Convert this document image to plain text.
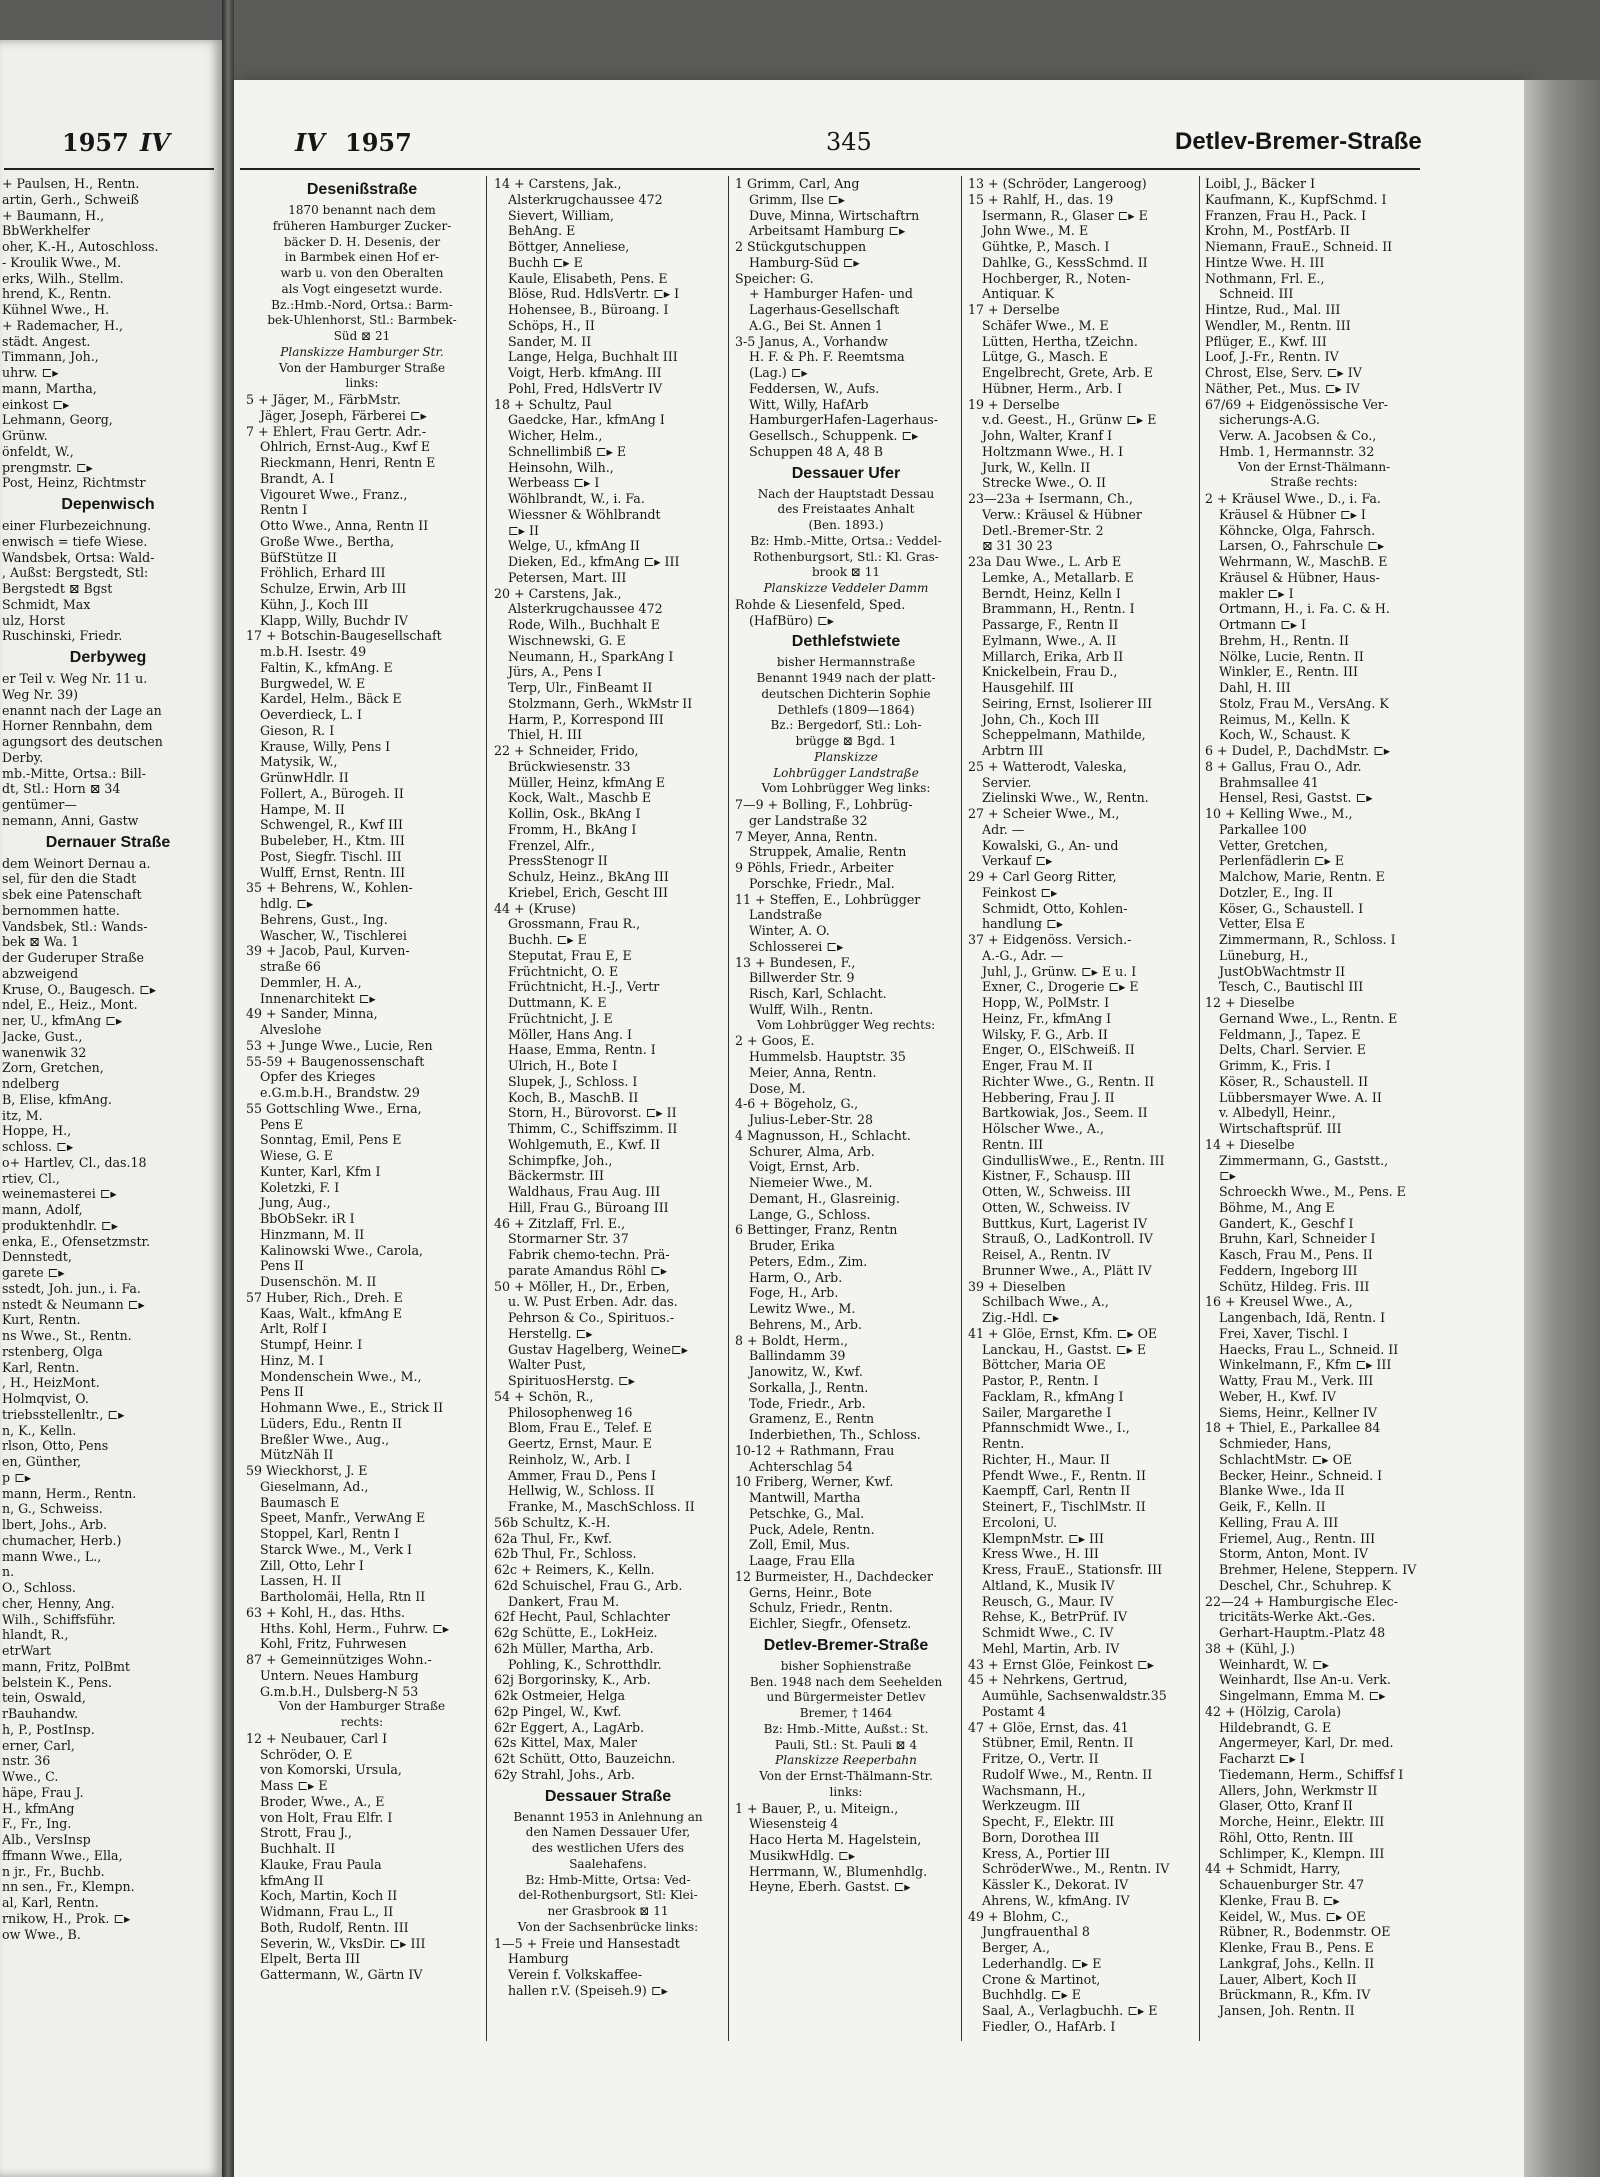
1957 IV	IV 1957	345	Detlev-Bremer-Straße
+ Paulsen, H., Rentn.
artin, Gerh., Schweiß
+ Baumann, H.,
BbWerkhelfer
oher, K.-H., Autoschloss.
- Kroulik Wwe., M.
erks, Wilh., Stellm.
hrend, K., Rentn.
Kühnel Wwe., H.
+ Rademacher, H.,
städt. Angest.
Timmann, Joh.,
uhrw. ⊏▸
mann, Martha,
einkost ⊏▸
Lehmann, Georg,
Grünw.
önfeldt, W.,
prengmstr. ⊏▸
Post, Heinz, Richtmstr
Depenwisch
einer Flurbezeichnung.
enwisch = tiefe Wiese.
Wandsbek, Ortsa: Wald-
, Außst: Bergstedt, Stl:
Bergstedt ⊠ Bgst
Schmidt, Max
ulz, Horst
Ruschinski, Friedr.
Derbyweg
er Teil v. Weg Nr. 11 u.
Weg Nr. 39)
enannt nach der Lage an
Horner Rennbahn, dem
agungsort des deutschen
Derby.
mb.-Mitte, Ortsa.: Bill-
dt, Stl.: Horn ⊠ 34
gentümer—
nemann, Anni, Gastw
Dernauer Straße
dem Weinort Dernau a.
sel, für den die Stadt
sbek eine Patenschaft
bernommen hatte.
Vandsbek, Stl.: Wands-
bek ⊠ Wa. 1
der Guderuper Straße
abzweigend
Kruse, O., Baugesch. ⊏▸
ndel, E., Heiz., Mont.
ner, U., kfmAng ⊏▸
Jacke, Gust.,
wanenwik 32
Zorn, Gretchen,
ndelberg
B, Elise, kfmAng.
itz, M.
Hoppe, H.,
schloss. ⊏▸
o+ Hartlev, Cl., das.18
rtiev, Cl.,
weinemasterei ⊏▸
mann, Adolf,
produktenhdlr. ⊏▸
enka, E., Ofensetzmstr.
Dennstedt,
garete ⊏▸
sstedt, Joh. jun., i. Fa.
nstedt & Neumann ⊏▸
Kurt, Rentn.
ns Wwe., St., Rentn.
rstenberg, Olga
Karl, Rentn.
, H., HeizMont.
Holmqvist, O.
triebsstellenltr., ⊏▸
n, K., Kelln.
rlson, Otto, Pens
en, Günther,
p ⊏▸
mann, Herm., Rentn.
n, G., Schweiss.
lbert, Johs., Arb.
chumacher, Herb.)
mann Wwe., L.,
n.
O., Schloss.
cher, Henny, Ang.
Wilh., Schiffsführ.
hlandt, R.,
etrWart
mann, Fritz, PolBmt
belstein K., Pens.
tein, Oswald,
rBauhandw.
h, P., PostInsp.
erner, Carl,
nstr. 36
Wwe., C.
häpe, Frau J.
H., kfmAng
F., Fr., Ing.
Alb., VersInsp
ffmann Wwe., Ella,
n jr., Fr., Buchb.
nn sen., Fr., Klempn.
al, Karl, Rentn.
rnikow, H., Prok. ⊏▸
ow Wwe., B.
Desenißstraße
1870 benannt nach dem
früheren Hamburger Zucker-
bäcker D. H. Desenis, der
in Barmbek einen Hof er-
warb u. von den Oberalten
als Vogt eingesetzt wurde.
Bz.:Hmb.-Nord, Ortsa.: Barm-
bek-Uhlenhorst, Stl.: Barmbek-
Süd ⊠ 21
Planskizze Hamburger Str.
Von der Hamburger Straße
links:
5 + Jäger, M., FärbMstr.
Jäger, Joseph, Färberei ⊏▸
7 + Ehlert, Frau Gertr. Adr.-
Ohlrich, Ernst-Aug., Kwf E
Rieckmann, Henri, Rentn E
Brandt, A. I
Vigouret Wwe., Franz.,
Rentn I
Otto Wwe., Anna, Rentn II
Große Wwe., Bertha,
BüfStütze II
Fröhlich, Erhard III
Schulze, Erwin, Arb III
Kühn, J., Koch III
Klapp, Willy, Buchdr IV
17 + Botschin-Baugesellschaft
m.b.H. Isestr. 49
Faltin, K., kfmAng. E
Burgwedel, W. E
Kardel, Helm., Bäck E
Oeverdieck, L. I
Gieson, R. I
Krause, Willy, Pens I
Matysik, W.,
GrünwHdlr. II
Follert, A., Bürogeh. II
Hampe, M. II
Schwengel, R., Kwf III
Bubeleber, H., Ktm. III
Post, Siegfr. Tischl. III
Wulff, Ernst, Rentn. III
35 + Behrens, W., Kohlen-
hdlg. ⊏▸
Behrens, Gust., Ing.
Wascher, W., Tischlerei
39 + Jacob, Paul, Kurven-
straße 66
Demmler, H. A.,
Innenarchitekt ⊏▸
49 + Sander, Minna,
Alveslohe
53 + Junge Wwe., Lucie, Ren
55-59 + Baugenossenschaft
Opfer des Krieges
e.G.m.b.H., Brandstw. 29
55 Gottschling Wwe., Erna,
Pens E
Sonntag, Emil, Pens E
Wiese, G. E
Kunter, Karl, Kfm I
Koletzki, F. I
Jung, Aug.,
BbObSekr. iR I
Hinzmann, M. II
Kalinowski Wwe., Carola,
Pens II
Dusenschön. M. II
57 Huber, Rich., Dreh. E
Kaas, Walt., kfmAng E
Arlt, Rolf I
Stumpf, Heinr. I
Hinz, M. I
Mondenschein Wwe., M.,
Pens II
Hohmann Wwe., E., Strick II
Lüders, Edu., Rentn II
Breßler Wwe., Aug.,
MützNäh II
59 Wieckhorst, J. E
Gieselmann, Ad.,
Baumasch E
Speet, Manfr., VerwAng E
Stoppel, Karl, Rentn I
Starck Wwe., M., Verk I
Zill, Otto, Lehr I
Lassen, H. II
Bartholomäi, Hella, Rtn II
63 + Kohl, H., das. Hths.
Hths. Kohl, Herm., Fuhrw. ⊏▸
Kohl, Fritz, Fuhrwesen
87 + Gemeinnütziges Wohn.-
Untern. Neues Hamburg
G.m.b.H., Dulsberg-N 53
Von der Hamburger Straße
rechts:
12 + Neubauer, Carl I
Schröder, O. E
von Komorski, Ursula,
Mass ⊏▸ E
Broder, Wwe., A., E
von Holt, Frau Elfr. I
Strott, Frau J.,
Buchhalt. II
Klauke, Frau Paula
kfmAng II
Koch, Martin, Koch II
Widmann, Frau L., II
Both, Rudolf, Rentn. III
Severin, W., VksDir. ⊏▸ III
Elpelt, Berta III
Gattermann, W., Gärtn IV
14 + Carstens, Jak.,
Alsterkrugchaussee 472
Sievert, William,
BehAng. E
Böttger, Anneliese,
Buchh ⊏▸ E
Kaule, Elisabeth, Pens. E
Blöse, Rud. HdlsVertr. ⊏▸ I
Hohensee, B., Büroang. I
Schöps, H., II
Sander, M. II
Lange, Helga, Buchhalt III
Voigt, Herb. kfmAng. III
Pohl, Fred, HdlsVertr IV
18 + Schultz, Paul
Gaedcke, Har., kfmAng I
Wicher, Helm.,
Schnellimbiß ⊏▸ E
Heinsohn, Wilh.,
Werbeass ⊏▸ I
Wöhlbrandt, W., i. Fa.
Wiessner & Wöhlbrandt
⊏▸ II
Welge, U., kfmAng II
Dieken, Ed., kfmAng ⊏▸ III
Petersen, Mart. III
20 + Carstens, Jak.,
Alsterkrugchaussee 472
Rode, Wilh., Buchhalt E
Wischnewski, G. E
Neumann, H., SparkAng I
Jürs, A., Pens I
Terp, Ulr., FinBeamt II
Stolzmann, Gerh., WkMstr II
Harm, P., Korrespond III
Thiel, H. III
22 + Schneider, Frido,
Brückwiesenstr. 33
Müller, Heinz, kfmAng E
Kock, Walt., Maschb E
Kollin, Osk., BkAng I
Fromm, H., BkAng I
Frenzel, Alfr.,
PressStenogr II
Schulz, Heinz., BkAng III
Kriebel, Erich, Gescht III
44 + (Kruse)
Grossmann, Frau R.,
Buchh. ⊏▸ E
Steputat, Frau E, E
Früchtnicht, O. E
Früchtnicht, H.-J., Vertr
Duttmann, K. E
Früchtnicht, J. E
Möller, Hans Ang. I
Haase, Emma, Rentn. I
Ulrich, H., Bote I
Slupek, J., Schloss. I
Koch, B., MaschB. II
Storn, H., Bürovorst. ⊏▸ II
Thimm, C., Schiffszimm. II
Wohlgemuth, E., Kwf. II
Schimpfke, Joh.,
Bäckermstr. III
Waldhaus, Frau Aug. III
Hill, Frau G., Büroang III
46 + Zitzlaff, Frl. E.,
Stormarner Str. 37
Fabrik chemo-techn. Prä-
parate Amandus Röhl ⊏▸
50 + Möller, H., Dr., Erben,
u. W. Pust Erben. Adr. das.
Pehrson & Co., Spirituos.-
Herstellg. ⊏▸
Gustav Hagelberg, Weine⊏▸
Walter Pust,
SpirituosHerstg. ⊏▸
54 + Schön, R.,
Philosophenweg 16
Blom, Frau E., Telef. E
Geertz, Ernst, Maur. E
Reinholz, W., Arb. I
Ammer, Frau D., Pens I
Hellwig, W., Schloss. II
Franke, M., MaschSchloss. II
56b Schultz, K.-H.
62a Thul, Fr., Kwf.
62b Thul, Fr., Schloss.
62c + Reimers, K., Kelln.
62d Schuischel, Frau G., Arb.
Dankert, Frau M.
62f Hecht, Paul, Schlachter
62g Schütte, E., LokHeiz.
62h Müller, Martha, Arb.
Pohling, K., Schrotthdlr.
62j Borgorinsky, K., Arb.
62k Ostmeier, Helga
62p Pingel, W., Kwf.
62r Eggert, A., LagArb.
62s Kittel, Max, Maler
62t Schütt, Otto, Bauzeichn.
62y Strahl, Johs., Arb.
Dessauer Straße
Benannt 1953 in Anlehnung an
den Namen Dessauer Ufer,
des westlichen Ufers des
Saalehafens.
Bz: Hmb-Mitte, Ortsa: Ved-
del-Rothenburgsort, Stl: Klei-
ner Grasbrook ⊠ 11
Von der Sachsenbrücke links:
1—5 + Freie und Hansestadt
Hamburg
Verein f. Volkskaffee-
hallen r.V. (Speiseh.9) ⊏▸
1 Grimm, Carl, Ang
Grimm, Ilse ⊏▸
Duve, Minna, Wirtschaftrn
Arbeitsamt Hamburg ⊏▸
2 Stückgutschuppen
Hamburg-Süd ⊏▸
Speicher: G.
+ Hamburger Hafen- und
Lagerhaus-Gesellschaft
A.G., Bei St. Annen 1
3-5 Janus, A., Vorhandw
H. F. & Ph. F. Reemtsma
(Lag.) ⊏▸
Feddersen, W., Aufs.
Witt, Willy, HafArb
HamburgerHafen-Lagerhaus-
Gesellsch., Schuppenk. ⊏▸
Schuppen 48 A, 48 B
Dessauer Ufer
Nach der Hauptstadt Dessau
des Freistaates Anhalt
(Ben. 1893.)
Bz: Hmb.-Mitte, Ortsa.: Veddel-
Rothenburgsort, Stl.: Kl. Gras-
brook ⊠ 11
Planskizze Veddeler Damm
Rohde & Liesenfeld, Sped.
(HafBüro) ⊏▸
Dethlefstwiete
bisher Hermannstraße
Benannt 1949 nach der platt-
deutschen Dichterin Sophie
Dethlefs (1809—1864)
Bz.: Bergedorf, Stl.: Loh-
brügge ⊠ Bgd. 1
Planskizze
Lohbrügger Landstraße
Vom Lohbrügger Weg links:
7—9 + Bolling, F., Lohbrüg-
ger Landstraße 32
7 Meyer, Anna, Rentn.
Struppek, Amalie, Rentn
9 Pöhls, Friedr., Arbeiter
Porschke, Friedr., Mal.
11 + Steffen, E., Lohbrügger
Landstraße
Winter, A. O.
Schlosserei ⊏▸
13 + Bundesen, F.,
Billwerder Str. 9
Risch, Karl, Schlacht.
Wulff, Wilh., Rentn.
Vom Lohbrügger Weg rechts:
2 + Goos, E.
Hummelsb. Hauptstr. 35
Meier, Anna, Rentn.
Dose, M.
4-6 + Bögeholz, G.,
Julius-Leber-Str. 28
4 Magnusson, H., Schlacht.
Schurer, Alma, Arb.
Voigt, Ernst, Arb.
Niemeier Wwe., M.
Demant, H., Glasreinig.
Lange, G., Schloss.
6 Bettinger, Franz, Rentn
Bruder, Erika
Peters, Edm., Zim.
Harm, O., Arb.
Foge, H., Arb.
Lewitz Wwe., M.
Behrens, M., Arb.
8 + Boldt, Herm.,
Ballindamm 39
Janowitz, W., Kwf.
Sorkalla, J., Rentn.
Tode, Friedr., Arb.
Gramenz, E., Rentn
Inderbiethen, Th., Schloss.
10-12 + Rathmann, Frau
Achterschlag 54
10 Friberg, Werner, Kwf.
Mantwill, Martha
Petschke, G., Mal.
Puck, Adele, Rentn.
Zoll, Emil, Mus.
Laage, Frau Ella
12 Burmeister, H., Dachdecker
Gerns, Heinr., Bote
Schulz, Friedr., Rentn.
Eichler, Siegfr., Ofensetz.
Detlev-Bremer-Straße
bisher Sophienstraße
Ben. 1948 nach dem Seehelden
und Bürgermeister Detlev
Bremer, † 1464
Bz: Hmb.-Mitte, Außst.: St.
Pauli, Stl.: St. Pauli ⊠ 4
Planskizze Reeperbahn
Von der Ernst-Thälmann-Str.
links:
1 + Bauer, P., u. Miteign.,
Wiesensteig 4
Haco Herta M. Hagelstein,
MusikwHdlg. ⊏▸
Herrmann, W., Blumenhdlg.
Heyne, Eberh. Gastst. ⊏▸
13 + (Schröder, Langeroog)
15 + Rahlf, H., das. 19
Isermann, R., Glaser ⊏▸ E
John Wwe., M. E
Gühtke, P., Masch. I
Dahlke, G., KessSchmd. II
Hochberger, R., Noten-
Antiquar. K
17 + Derselbe
Schäfer Wwe., M. E
Lütten, Hertha, tZeichn.
Lütge, G., Masch. E
Engelbrecht, Grete, Arb. E
Hübner, Herm., Arb. I
19 + Derselbe
v.d. Geest., H., Grünw ⊏▸ E
John, Walter, Kranf I
Holtzmann Wwe., H. I
Jurk, W., Kelln. II
Strecke Wwe., O. II
23—23a + Isermann, Ch.,
Verw.: Kräusel & Hübner
Detl.-Bremer-Str. 2
⊠ 31 30 23
23a Dau Wwe., L. Arb E
Lemke, A., Metallarb. E
Berndt, Heinz, Kelln I
Brammann, H., Rentn. I
Passarge, F., Rentn II
Eylmann, Wwe., A. II
Millarch, Erika, Arb II
Knickelbein, Frau D.,
Hausgehilf. III
Seiring, Ernst, Isolierer III
John, Ch., Koch III
Scheppelmann, Mathilde,
Arbtrn III
25 + Watterodt, Valeska,
Servier.
Zielinski Wwe., W., Rentn.
27 + Scheier Wwe., M.,
Adr. —
Kowalski, G., An- und
Verkauf ⊏▸
29 + Carl Georg Ritter,
Feinkost ⊏▸
Schmidt, Otto, Kohlen-
handlung ⊏▸
37 + Eidgenöss. Versich.-
A.-G., Adr. —
Juhl, J., Grünw. ⊏▸ E u. I
Exner, C., Drogerie ⊏▸ E
Hopp, W., PolMstr. I
Heinz, Fr., kfmAng I
Wilsky, F. G., Arb. II
Enger, O., ElSchweiß. II
Enger, Frau M. II
Richter Wwe., G., Rentn. II
Hebbering, Frau J. II
Bartkowiak, Jos., Seem. II
Hölscher Wwe., A.,
Rentn. III
GindullisWwe., E., Rentn. III
Kistner, F., Schausp. III
Otten, W., Schweiss. III
Otten, W., Schweiss. IV
Buttkus, Kurt, Lagerist IV
Strauß, O., LadKontroll. IV
Reisel, A., Rentn. IV
Brunner Wwe., A., Plätt IV
39 + Dieselben
Schilbach Wwe., A.,
Zig.-Hdl. ⊏▸
41 + Glöe, Ernst, Kfm. ⊏▸ OE
Lanckau, H., Gastst. ⊏▸ E
Böttcher, Maria OE
Pastor, P., Rentn. I
Facklam, R., kfmAng I
Sailer, Margarethe I
Pfannschmidt Wwe., I.,
Rentn.
Richter, H., Maur. II
Pfendt Wwe., F., Rentn. II
Kaempff, Carl, Rentn II
Steinert, F., TischlMstr. II
Ercoloni, U.
KlempnMstr. ⊏▸ III
Kress Wwe., H. III
Kress, FrauE., Stationsfr. III
Altland, K., Musik IV
Reusch, G., Maur. IV
Rehse, K., BetrPrüf. IV
Schmidt Wwe., C. IV
Mehl, Martin, Arb. IV
43 + Ernst Glöe, Feinkost ⊏▸
45 + Nehrkens, Gertrud,
Aumühle, Sachsenwaldstr.35
Postamt 4
47 + Glöe, Ernst, das. 41
Stübner, Emil, Rentn. II
Fritze, O., Vertr. II
Rudolf Wwe., M., Rentn. II
Wachsmann, H.,
Werkzeugm. III
Specht, F., Elektr. III
Born, Dorothea III
Kress, A., Portier III
SchröderWwe., M., Rentn. IV
Kässler K., Dekorat. IV
Ahrens, W., kfmAng. IV
49 + Blohm, C.,
Jungfrauenthal 8
Berger, A.,
Lederhandlg. ⊏▸ E
Crone & Martinot,
Buchhdlg. ⊏▸ E
Saal, A., Verlagbuchh. ⊏▸ E
Fiedler, O., HafArb. I
Loibl, J., Bäcker I
Kaufmann, K., KupfSchmd. I
Franzen, Frau H., Pack. I
Krohn, M., PostfArb. II
Niemann, FrauE., Schneid. II
Hintze Wwe. H. III
Nothmann, Frl. E.,
Schneid. III
Hintze, Rud., Mal. III
Wendler, M., Rentn. III
Pflüger, E., Kwf. III
Loof, J.-Fr., Rentn. IV
Chrost, Else, Serv. ⊏▸ IV
Näther, Pet., Mus. ⊏▸ IV
67/69 + Eidgenössische Ver-
sicherungs-A.G.
Verw. A. Jacobsen & Co.,
Hmb. 1, Hermannstr. 32
Von der Ernst-Thälmann-
Straße rechts:
2 + Kräusel Wwe., D., i. Fa.
Kräusel & Hübner ⊏▸ I
Köhncke, Olga, Fahrsch.
Larsen, O., Fahrschule ⊏▸
Wehrmann, W., MaschB. E
Kräusel & Hübner, Haus-
makler ⊏▸ I
Ortmann, H., i. Fa. C. & H.
Ortmann ⊏▸ I
Brehm, H., Rentn. II
Nölke, Lucie, Rentn. II
Winkler, E., Rentn. III
Dahl, H. III
Stolz, Frau M., VersAng. K
Reimus, M., Kelln. K
Koch, W., Schaust. K
6 + Dudel, P., DachdMstr. ⊏▸
8 + Gallus, Frau O., Adr.
Brahmsallee 41
Hensel, Resi, Gastst. ⊏▸
10 + Kelling Wwe., M.,
Parkallee 100
Vetter, Gretchen,
Perlenfädlerin ⊏▸ E
Malchow, Marie, Rentn. E
Dotzler, E., Ing. II
Köser, G., Schaustell. I
Vetter, Elsa E
Zimmermann, R., Schloss. I
Lüneburg, H.,
JustObWachtmstr II
Tesch, C., Bautischl III
12 + Dieselbe
Gernand Wwe., L., Rentn. E
Feldmann, J., Tapez. E
Delts, Charl. Servier. E
Grimm, K., Fris. I
Köser, R., Schaustell. II
Lübbersmayer Wwe. A. II
v. Albedyll, Heinr.,
Wirtschaftsprüf. III
14 + Dieselbe
Zimmermann, G., Gaststt.,
⊏▸
Schroeckh Wwe., M., Pens. E
Böhme, M., Ang E
Gandert, K., Geschf I
Bruhn, Karl, Schneider I
Kasch, Frau M., Pens. II
Feddern, Ingeborg III
Schütz, Hildeg. Fris. III
16 + Kreusel Wwe., A.,
Langenbach, Idä, Rentn. I
Frei, Xaver, Tischl. I
Haecks, Frau L., Schneid. II
Winkelmann, F., Kfm ⊏▸ III
Watty, Frau M., Verk. III
Weber, H., Kwf. IV
Siems, Heinr., Kellner IV
18 + Thiel, E., Parkallee 84
Schmieder, Hans,
SchlachtMstr. ⊏▸ OE
Becker, Heinr., Schneid. I
Blanke Wwe., Ida II
Geik, F., Kelln. II
Kelling, Frau A. III
Friemel, Aug., Rentn. III
Storm, Anton, Mont. IV
Brehmer, Helene, Steppern. IV
Deschel, Chr., Schuhrep. K
22—24 + Hamburgische Elec-
tricitäts-Werke Akt.-Ges.
Gerhart-Hauptm.-Platz 48
38 + (Kühl, J.)
Weinhardt, W. ⊏▸
Weinhardt, Ilse An-u. Verk.
Singelmann, Emma M. ⊏▸
42 + (Hölzig, Carola)
Hildebrandt, G. E
Angermeyer, Karl, Dr. med.
Facharzt ⊏▸ I
Tiedemann, Herm., Schiffsf I
Allers, John, Werkmstr II
Glaser, Otto, Kranf II
Morche, Heinr., Elektr. III
Röhl, Otto, Rentn. III
Schlimper, K., Klempn. III
44 + Schmidt, Harry,
Schauenburger Str. 47
Klenke, Frau B. ⊏▸
Keidel, W., Mus. ⊏▸ OE
Rübner, R., Bodenmstr. OE
Klenke, Frau B., Pens. E
Lankgraf, Johs., Kelln. II
Lauer, Albert, Koch II
Brückmann, R., Kfm. IV
Jansen, Joh. Rentn. II
